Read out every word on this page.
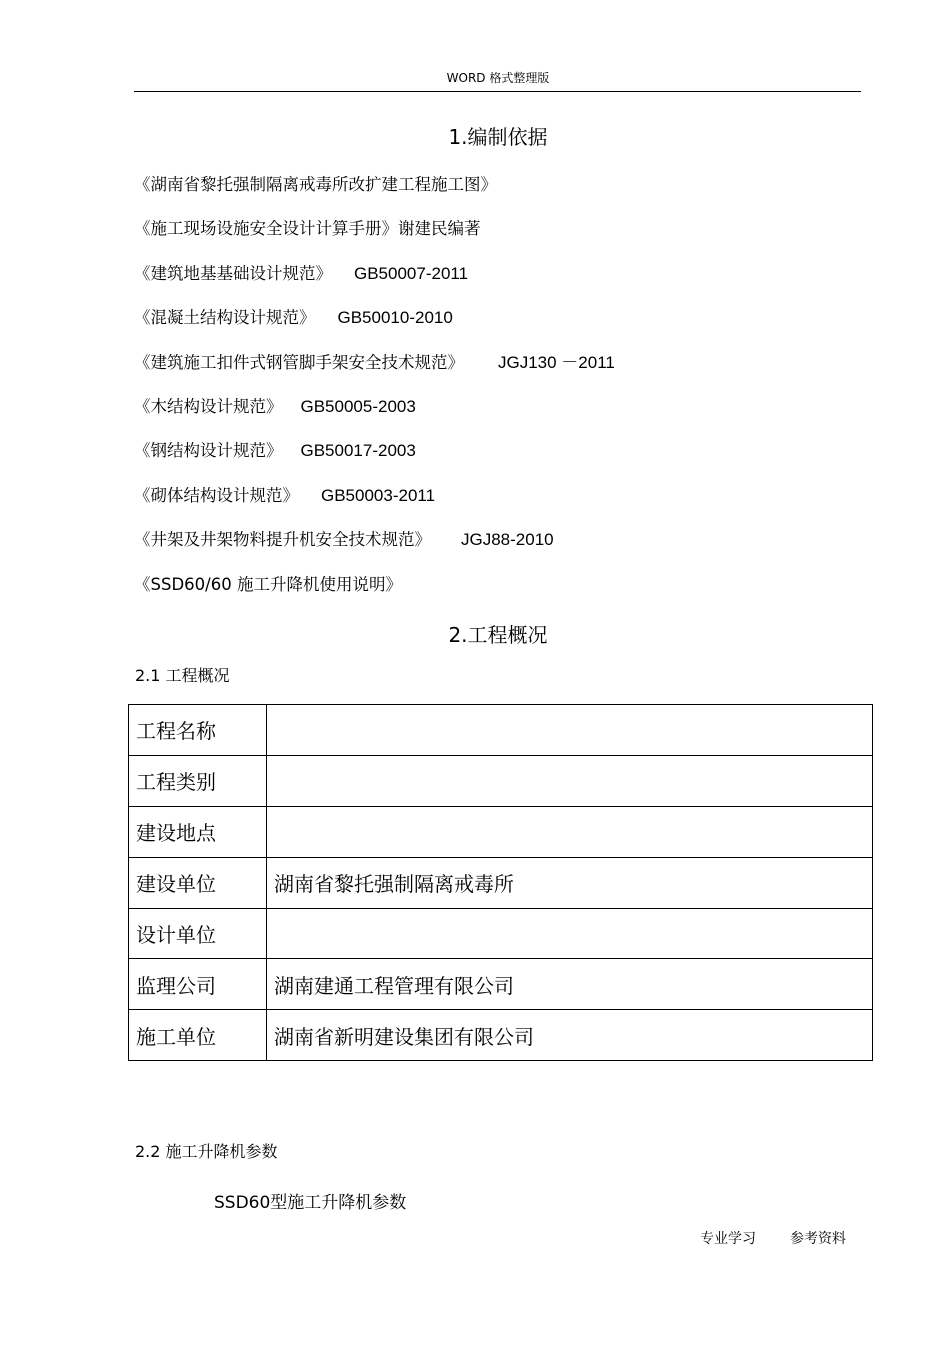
WORD 格式整理版
1.编制依据
《湖南省黎托强制隔离戒毒所改扩建工程施工图》
《施工现场设施安全设计计算手册》谢建民编著
《建筑地基基础设计规范》 GB50007-2011
《混凝土结构设计规范》 GB50010-2010
《建筑施工扣件式钢管脚手架安全技术规范》 JGJ130 －2011
《木结构设计规范》 GB50005-2003
《钢结构设计规范》 GB50017-2003
《砌体结构设计规范》 GB50003-2011
《井架及井架物料提升机安全技术规范》 JGJ88-2010
《SSD60/60 施工升降机使用说明》
2.工程概况
2.1 工程概况
工程名称	
工程类别	
建设地点	
建设单位	湖南省黎托强制隔离戒毒所
设计单位	
监理公司	湖南建通工程管理有限公司
施工单位	湖南省新明建设集团有限公司
2.2 施工升降机参数
SSD60型施工升降机参数
专业学习 参考资料
